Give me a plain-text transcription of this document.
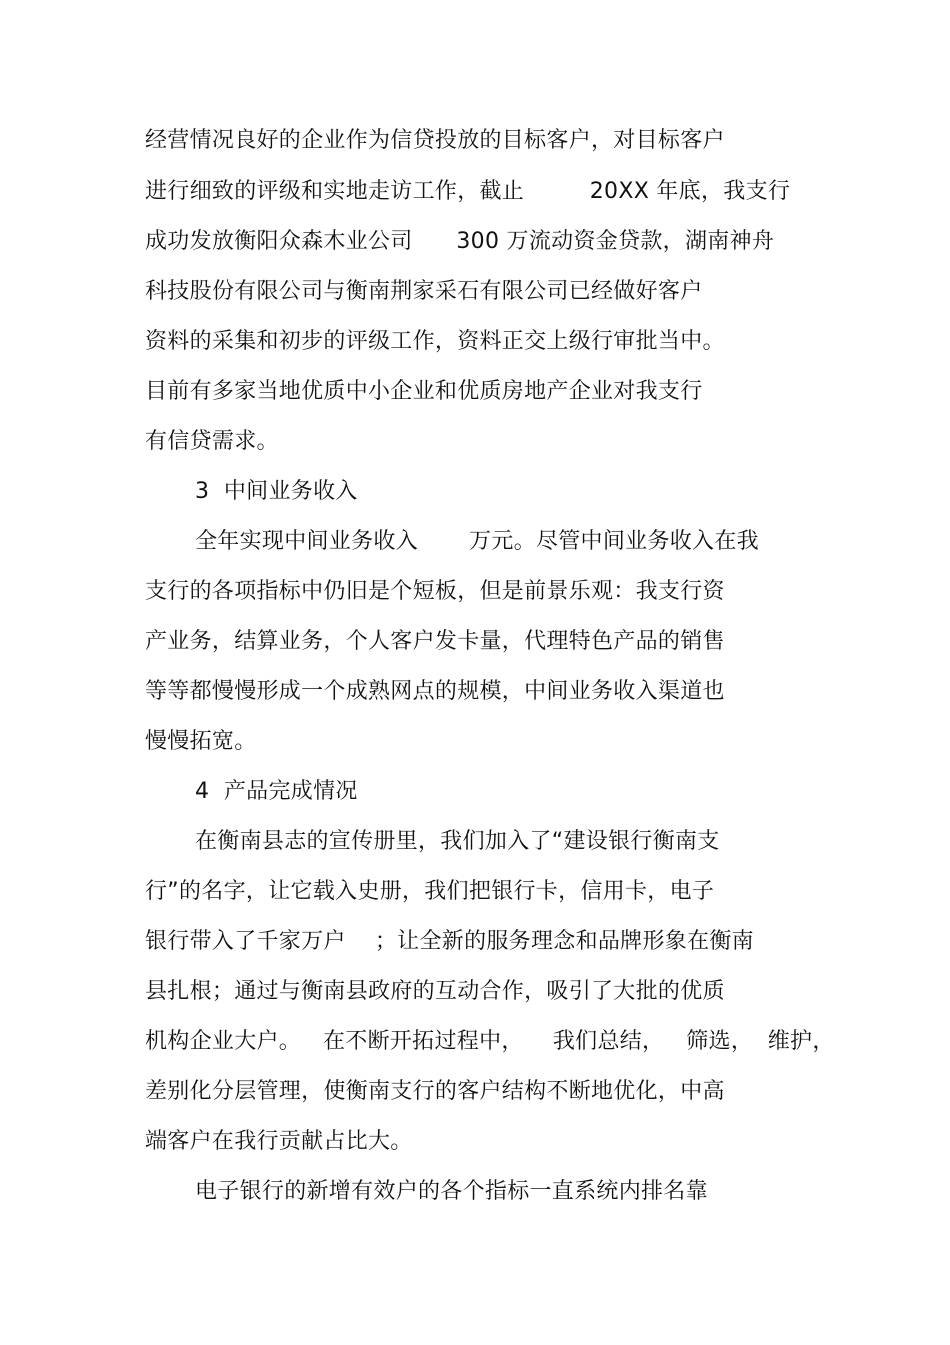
经营情况良好的企业作为信贷投放的目标客户，对目标客户
进行细致的评级和实地走访工作，截止         20XX 年底，我支行
成功发放衡阳众森木业公司      300 万流动资金贷款，湖南神舟
科技股份有限公司与衡南荆家采石有限公司已经做好客户
资料的采集和初步的评级工作，资料正交上级行审批当中。
目前有多家当地优质中小企业和优质房地产企业对我支行
有信贷需求。
3  中间业务收入
全年实现中间业务收入       万元。尽管中间业务收入在我
支行的各项指标中仍旧是个短板，但是前景乐观：我支行资
产业务，结算业务，个人客户发卡量，代理特色产品的销售
等等都慢慢形成一个成熟网点的规模，中间业务收入渠道也
慢慢拓宽。
4  产品完成情况
在衡南县志的宣传册里，我们加入了“建设银行衡南支
行”的名字，让它载入史册，我们把银行卡，信用卡，电子
银行带入了千家万户    ；让全新的服务理念和品牌形象在衡南
县扎根；通过与衡南县政府的互动合作，吸引了大批的优质
机构企业大户。   在不断开拓过程中，    我们总结，   筛选，  维护，
差别化分层管理，使衡南支行的客户结构不断地优化，中高
端客户在我行贡献占比大。
电子银行的新增有效户的各个指标一直系统内排名靠
